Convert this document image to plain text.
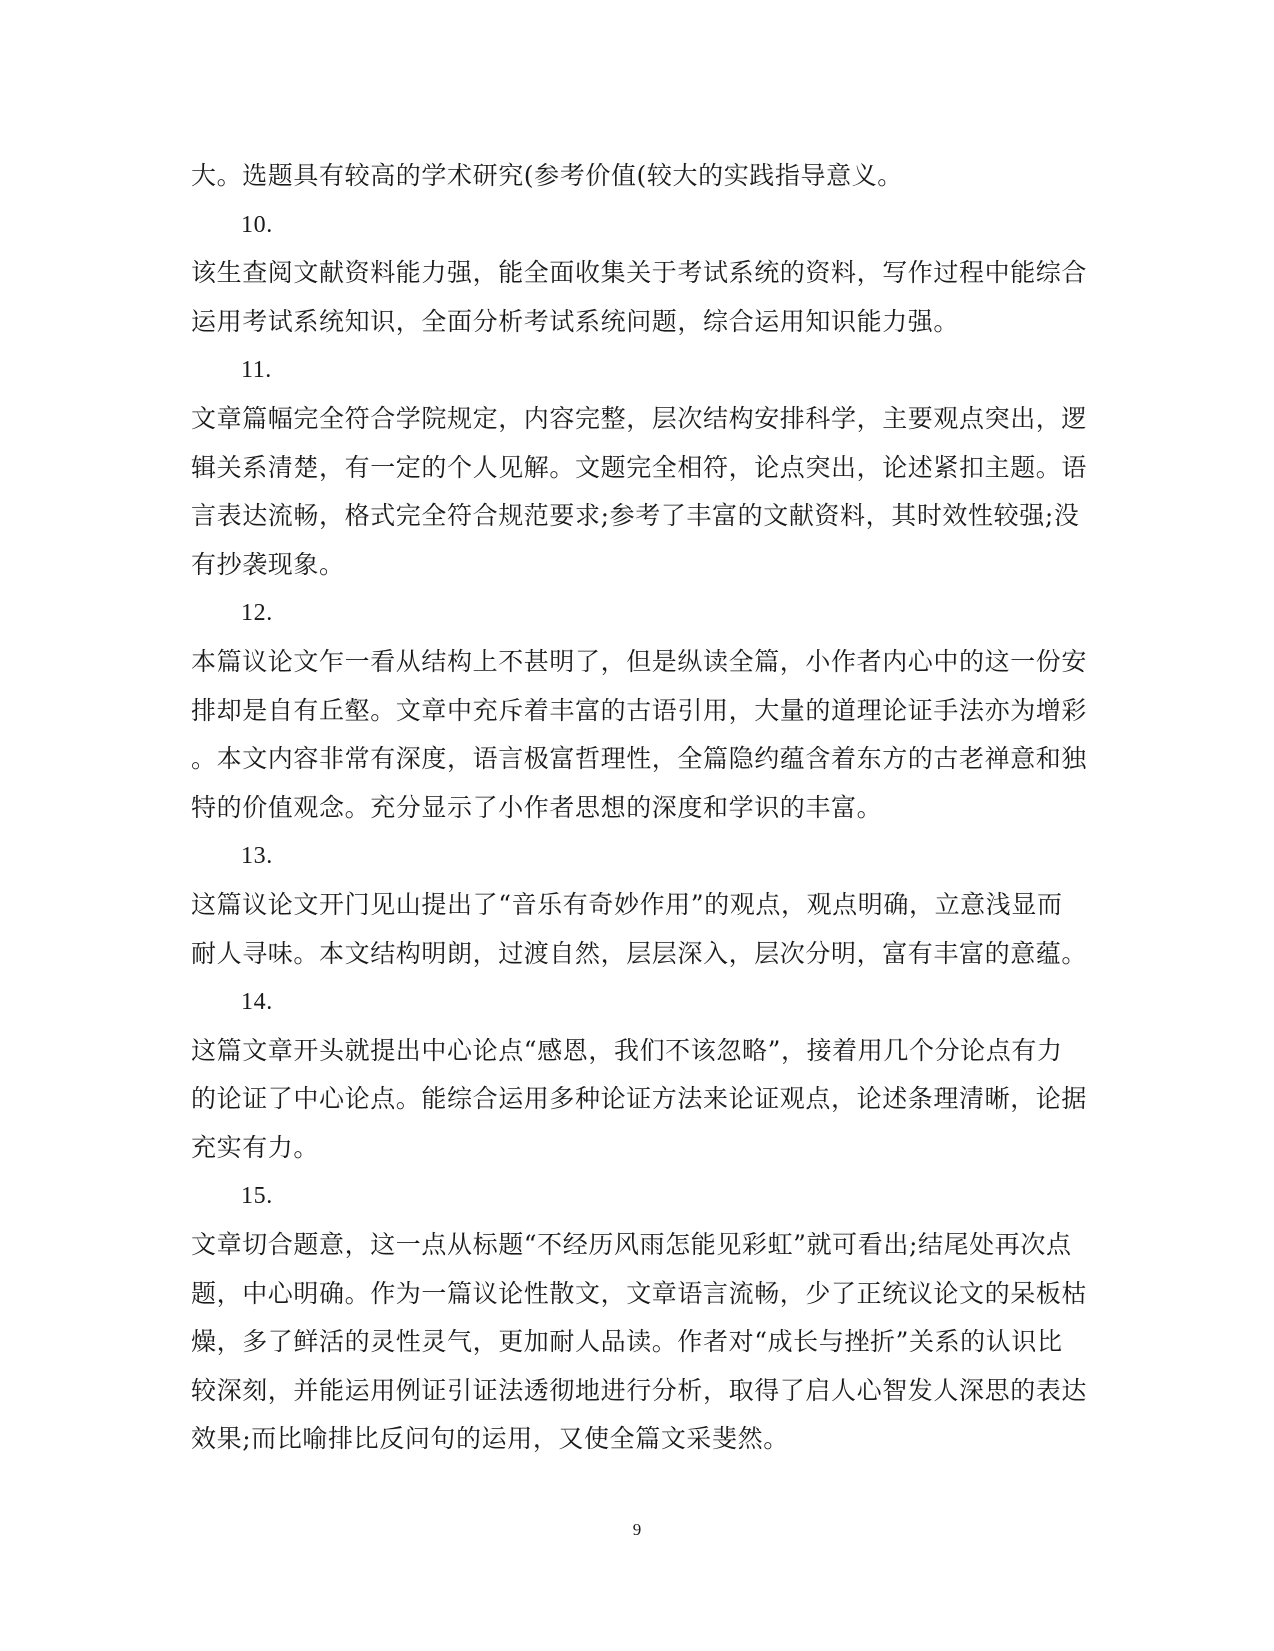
大。选题具有较高的学术研究(参考价值(较大的实践指导意义。
10.
该生查阅文献资料能力强，能全面收集关于考试系统的资料，写作过程中能综合
运用考试系统知识，全面分析考试系统问题，综合运用知识能力强。
11.
文章篇幅完全符合学院规定，内容完整，层次结构安排科学，主要观点突出，逻
辑关系清楚，有一定的个人见解。文题完全相符，论点突出，论述紧扣主题。语
言表达流畅，格式完全符合规范要求;参考了丰富的文献资料，其时效性较强;没
有抄袭现象。
12.
本篇议论文乍一看从结构上不甚明了，但是纵读全篇，小作者内心中的这一份安
排却是自有丘壑。文章中充斥着丰富的古语引用，大量的道理论证手法亦为增彩
。本文内容非常有深度，语言极富哲理性，全篇隐约蕴含着东方的古老禅意和独
特的价值观念。充分显示了小作者思想的深度和学识的丰富。
13.
这篇议论文开门见山提出了“音乐有奇妙作用”的观点，观点明确，立意浅显而
耐人寻味。本文结构明朗，过渡自然，层层深入，层次分明，富有丰富的意蕴。
14.
这篇文章开头就提出中心论点“感恩，我们不该忽略”，接着用几个分论点有力
的论证了中心论点。能综合运用多种论证方法来论证观点，论述条理清晰，论据
充实有力。
15.
文章切合题意，这一点从标题“不经历风雨怎能见彩虹”就可看出;结尾处再次点
题，中心明确。作为一篇议论性散文，文章语言流畅，少了正统议论文的呆板枯
燥，多了鲜活的灵性灵气，更加耐人品读。作者对“成长与挫折”关系的认识比
较深刻，并能运用例证引证法透彻地进行分析，取得了启人心智发人深思的表达
效果;而比喻排比反问句的运用，又使全篇文采斐然。
9
